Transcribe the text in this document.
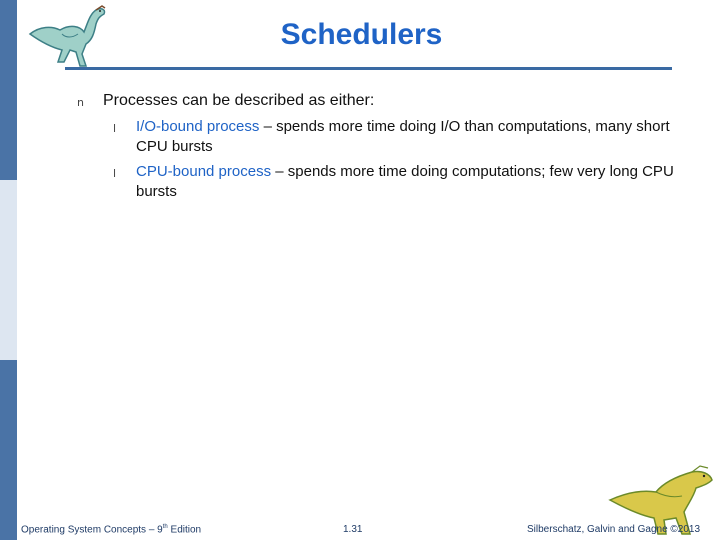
Schedulers
n Processes can be described as either:
l I/O-bound process – spends more time doing I/O than computations, many short CPU bursts
l CPU-bound process – spends more time doing computations; few very long CPU bursts
Operating System Concepts – 9th Edition	1.31	Silberschatz, Galvin and Gagne ©2013
